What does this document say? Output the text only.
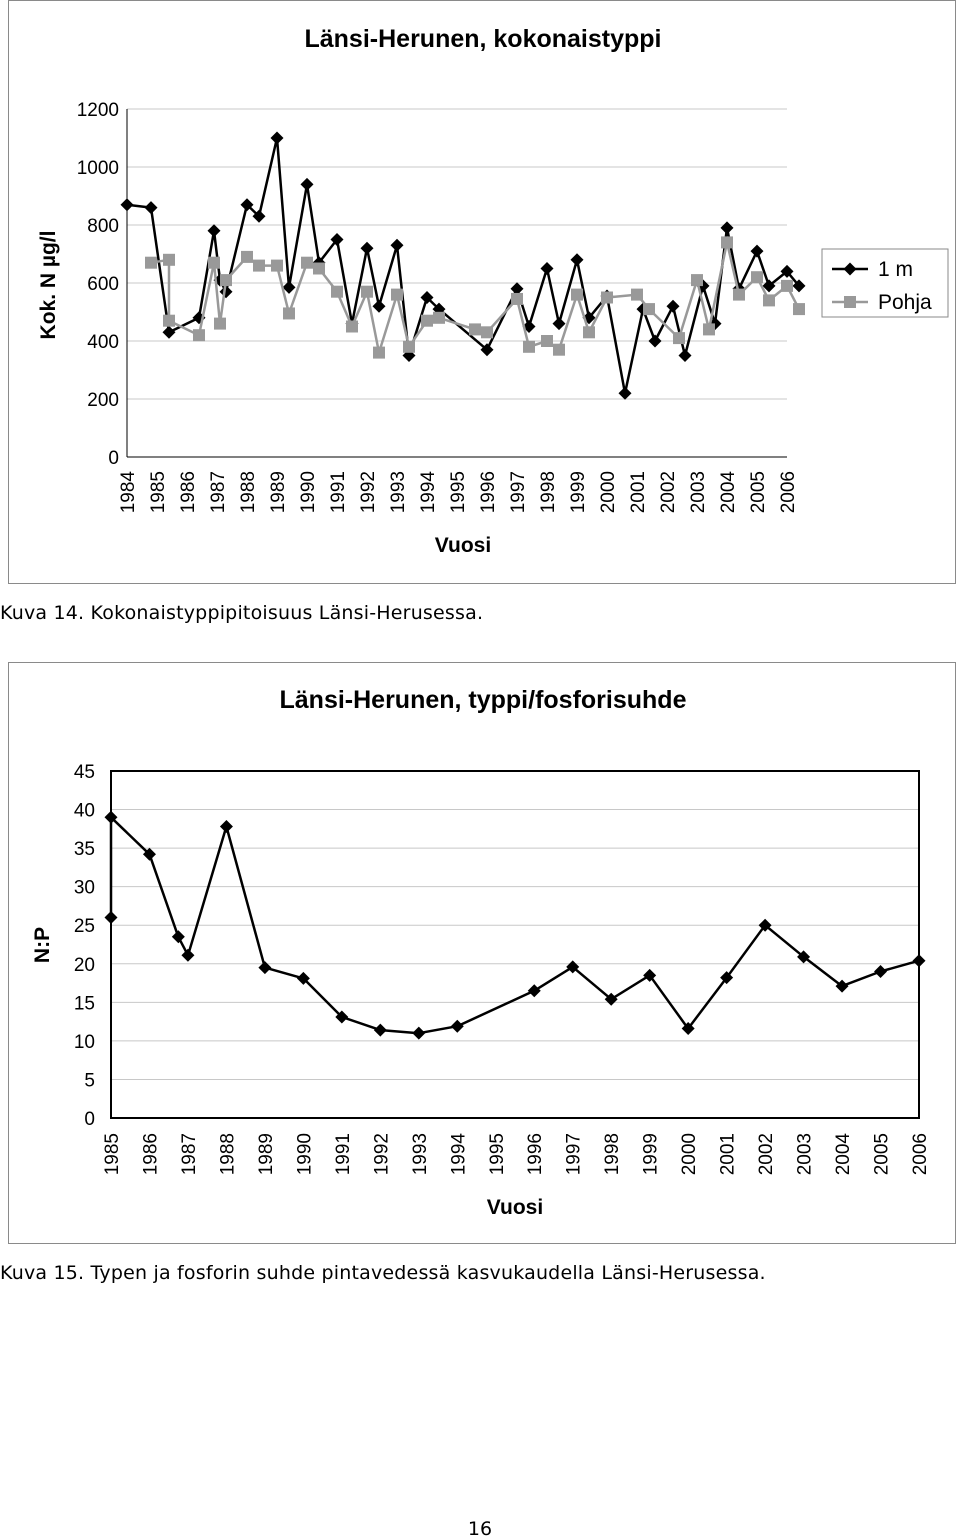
Länsi-Herunen, kokonaistyppi
0
200
400
600
800
1000
1200
1984 1985 1986 1987 1988 1989 1990 1991 1992 1993 1994 1995 1996 1997 1998 1999 2000 2001 2002 2003 2004 2005 2006
Vuosi
Kok. N µg/l	1 m
Pohja
Kuva 14. Kokonaistyppipitoisuus Länsi-Herusessa.
Länsi-Herunen, typpi/fosforisuhde
0
5
10
15
20
25
30
35
40
45
1985 1986 1987 1988 1989 1990 1991 1992 1993 1994 1995 1996 1997 1998 1999 2000 2001 2002 2003 2004 2005 2006
Vuosi
N:P
Kuva 15. Typen ja fosforin suhde pintavedessä kasvukaudella Länsi-Herusessa.
16
